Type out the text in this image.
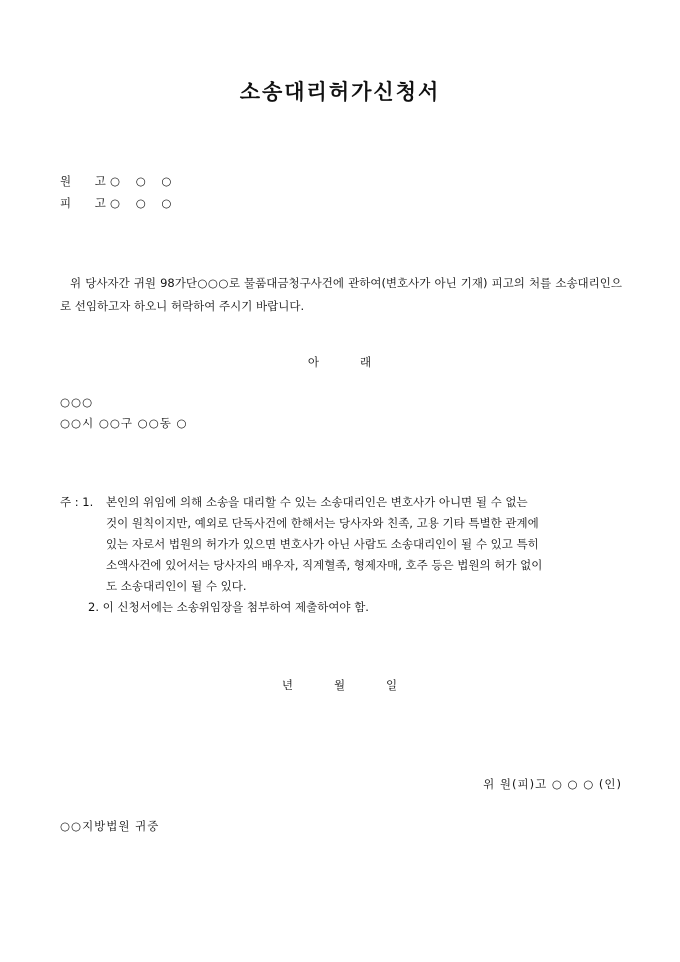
소송대리허가신청서
원 고○ ○ ○
피 고○ ○ ○
위 당사자간 귀원 98가단○○○로 물품대금청구사건에 관하여(변호사가 아닌 기재) 피고의 처를 소송대리인으로 선임하고자 하오니 허락하여 주시기 바랍니다.
아	래
○○○
○○시 ○○구 ○○동 ○
주 : 1. 본인의 위임에 의해 소송을 대리할 수 있는 소송대리인은 변호사가 아니면 될 수 없는
것이 원칙이지만, 예외로 단독사건에 한해서는 당사자와 친족, 고용 기타 특별한 관계에
있는 자로서 법원의 허가가 있으면 변호사가 아닌 사람도 소송대리인이 될 수 있고 특히
소액사건에 있어서는 당사자의 배우자, 직계혈족, 형제자매, 호주 등은 법원의 허가 없이
도 소송대리인이 될 수 있다.
2. 이 신청서에는 소송위임장을 첨부하여 제출하여야 함.
년	월	일
위 원(피)고 ○ ○ ○ (인)
○○지방법원 귀중
